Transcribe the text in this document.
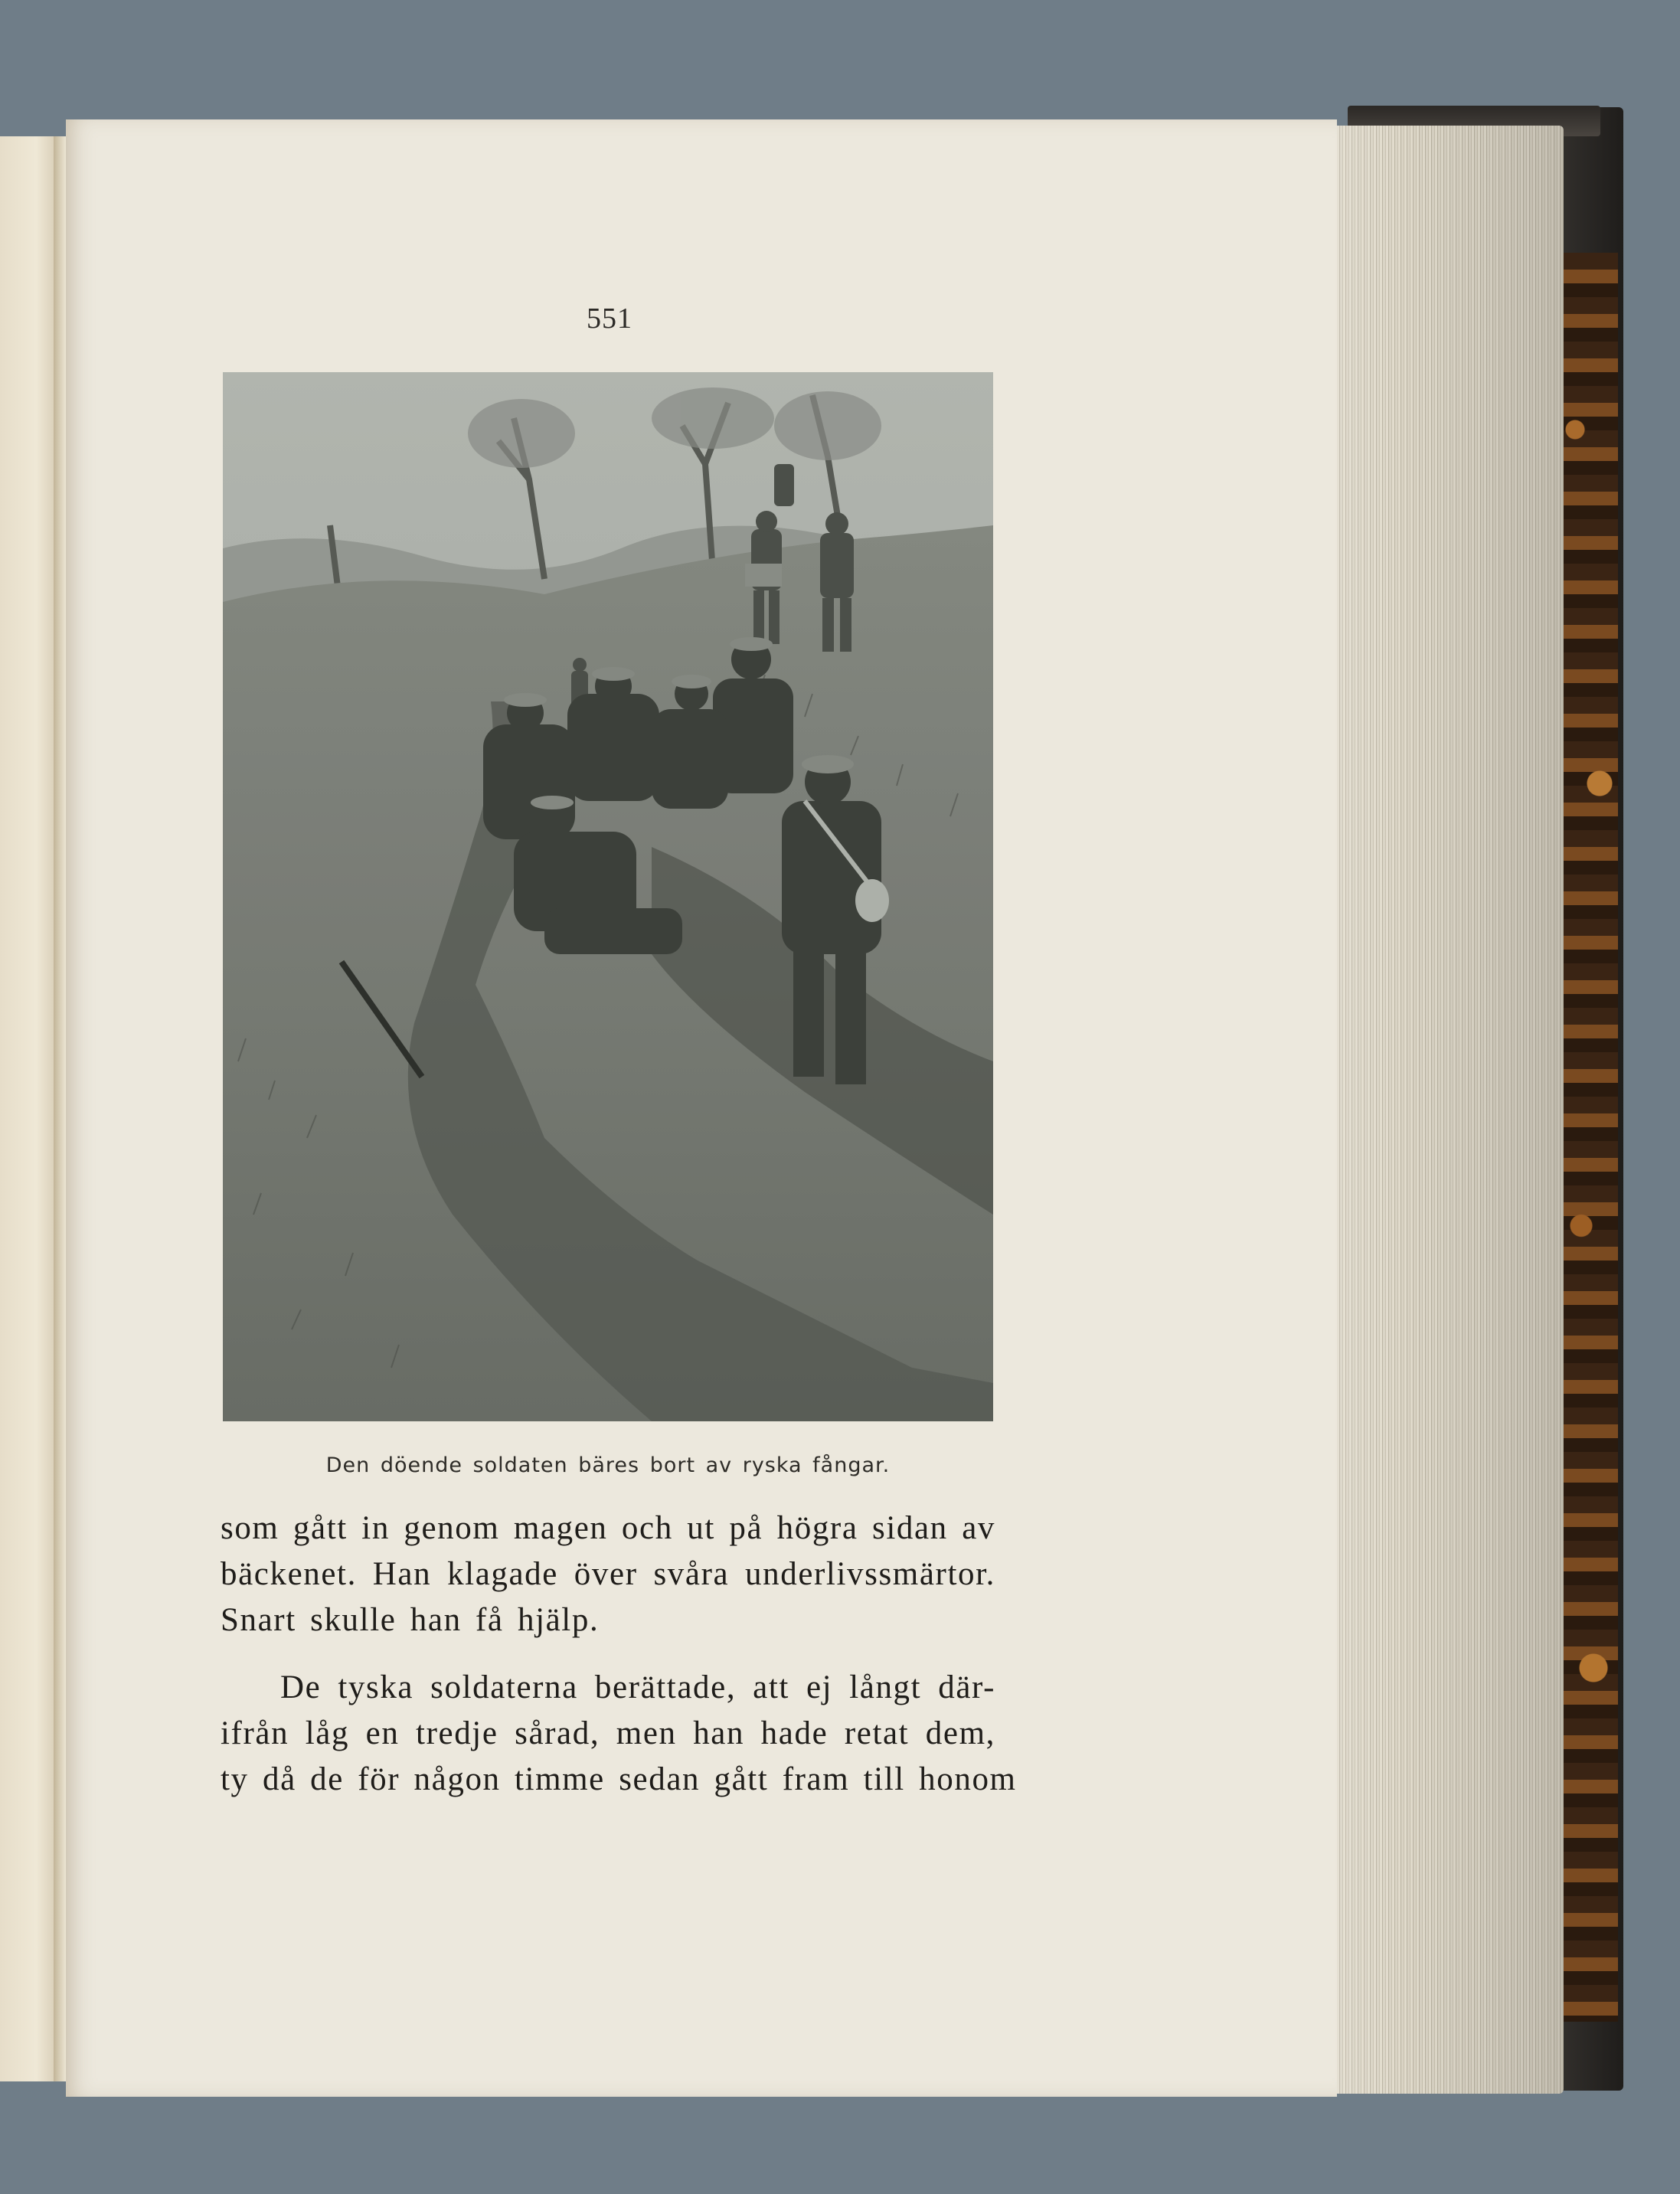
551
Den döende soldaten bäres bort av ryska fångar.
som gått in genom magen och ut på högra sidan av
bäckenet. Han klagade över svåra underlivssmärtor.
Snart skulle han få hjälp.
De tyska soldaterna berättade, att ej långt där-
ifrån låg en tredje sårad, men han hade retat dem,
ty då de för någon timme sedan gått fram till honom
